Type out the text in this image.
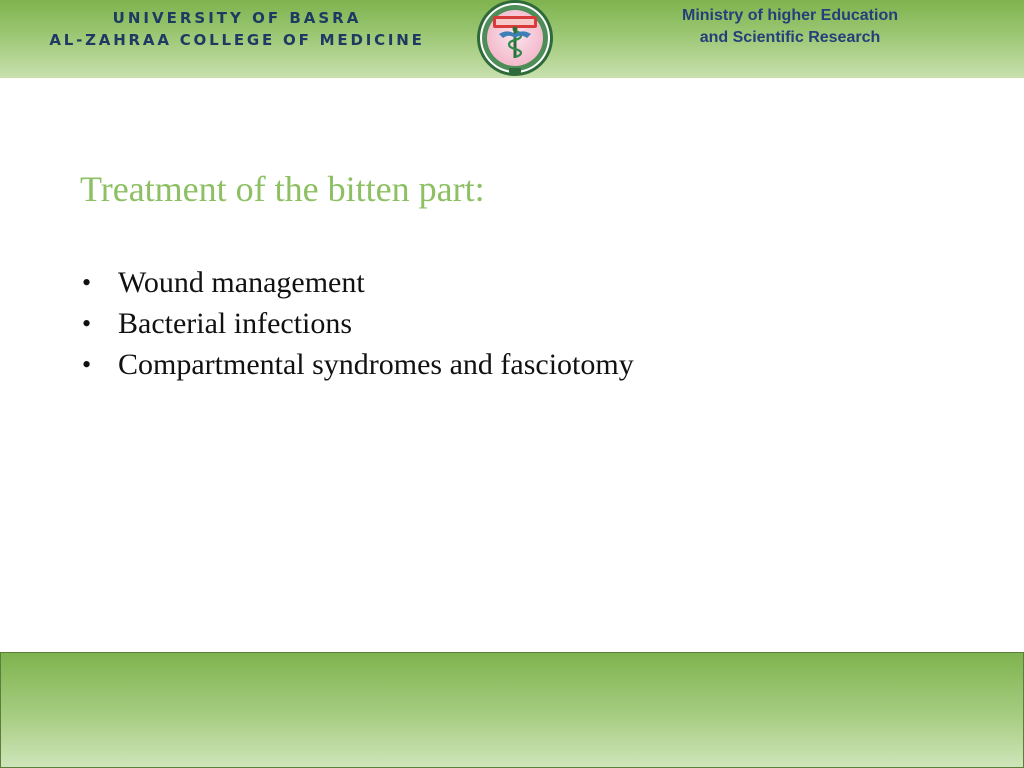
UNIVERSITY OF BASRA
AL-ZAHRAA COLLEGE OF MEDICINE
Ministry of higher Education
and Scientific Research
Treatment of the bitten part:
• Wound management
• Bacterial infections
• Compartmental syndromes and fasciotomy
